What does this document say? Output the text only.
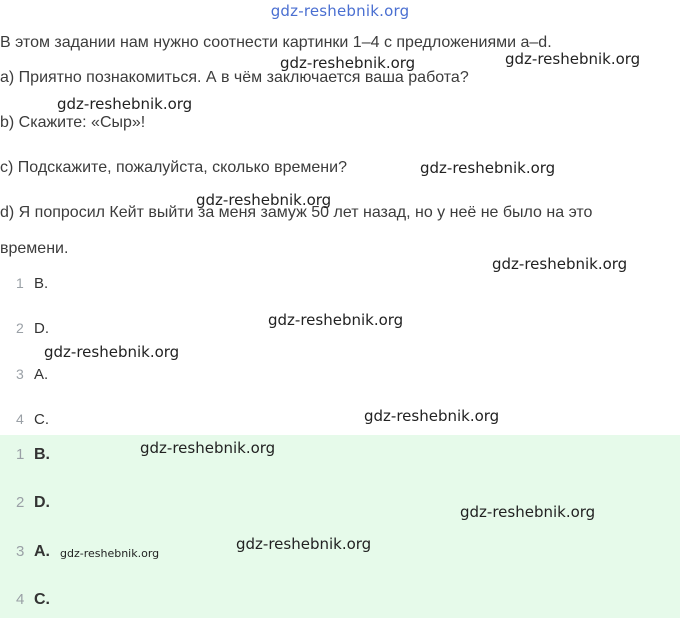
gdz-reshebnik.org
В этом задании нам нужно соотнести картинки 1–4 с предложениями a–d.
a) Приятно познакомиться. А в чём заключается ваша работа?
b) Скажите: «Сыр»!
c) Подскажите, пожалуйста, сколько времени?
d) Я попросил Кейт выйти за меня замуж 50 лет назад, но у неё не было на это
времени.
1 B.
2 D.
3 A.
4 C.
1 B.
2 D.
3 A.
4 C.
gdz-reshebnik.org	gdz-reshebnik.org
gdz-reshebnik.org
gdz-reshebnik.org
gdz-reshebnik.org
gdz-reshebnik.org
gdz-reshebnik.org
gdz-reshebnik.org
gdz-reshebnik.org
gdz-reshebnik.org
gdz-reshebnik.org
gdz-reshebnik.org
gdz-reshebnik.org
